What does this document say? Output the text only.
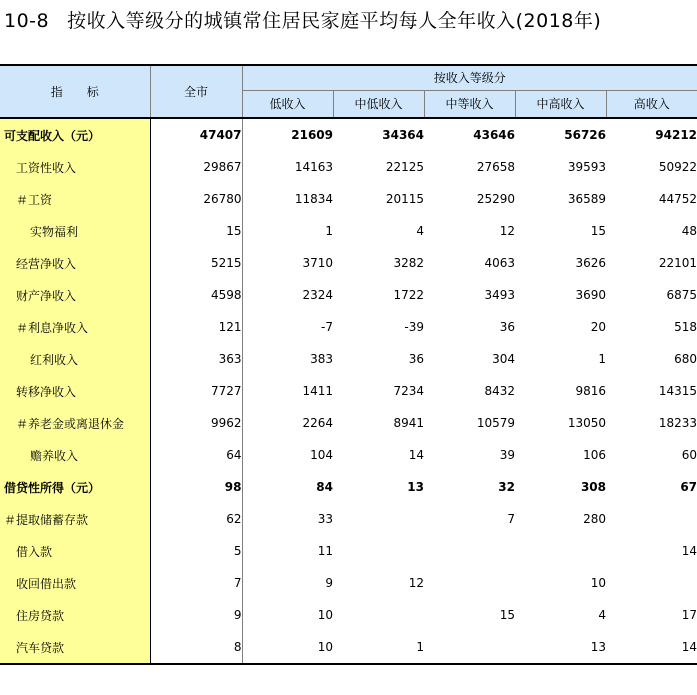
10-8 按收入等级分的城镇常住居民家庭平均每人全年收入(2018年)
指　　标	全市	按收入等级分				
		低收入	中低收入	中等收入	中高收入	高收入
可支配收入（元）	47407	21609	34364	43646	56726	94212
工资性收入	29867	14163	22125	27658	39593	50922
＃工资	26780	11834	20115	25290	36589	44752
实物福利	15	1	4	12	15	48
经营净收入	5215	3710	3282	4063	3626	22101
财产净收入	4598	2324	1722	3493	3690	6875
＃利息净收入	121	-7	-39	36	20	518
红利收入	363	383	36	304	1	680
转移净收入	7727	1411	7234	8432	9816	14315
＃养老金或离退休金	9962	2264	8941	10579	13050	18233
赡养收入	64	104	14	39	106	60
借贷性所得（元）	98	84	13	32	308	67
＃提取储蓄存款	62	33		7	280	
借入款	5	11				14
收回借出款	7	9	12		10	
住房贷款	9	10		15	4	17
汽车贷款	8	10	1		13	14
